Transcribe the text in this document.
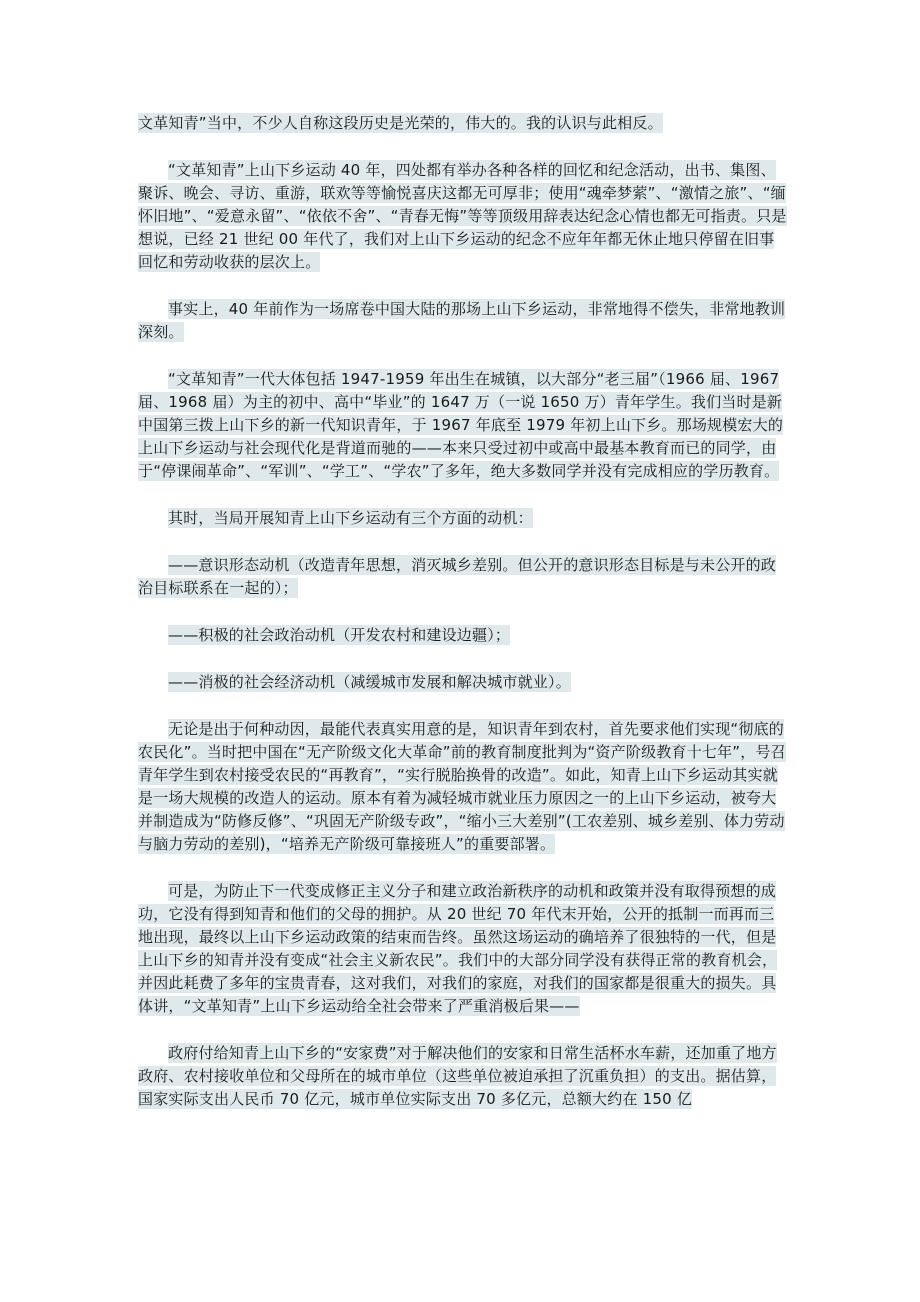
文革知青”当中，不少人自称这段历史是光荣的，伟大的。我的认识与此相反。

“文革知青”上山下乡运动 40 年，四处都有举办各种各样的回忆和纪念活动，出书、集图、聚诉、晚会、寻访、重游，联欢等等愉悦喜庆这都无可厚非；使用“魂牵梦萦”、“激情之旅”、“缅怀旧地”、“爱意永留”、“依依不舍”、“青春无悔”等等顶级用辞表达纪念心情也都无可指责。只是想说，已经 21 世纪 00 年代了，我们对上山下乡运动的纪念不应年年都无休止地只停留在旧事回忆和劳动收获的层次上。

事实上，40 年前作为一场席卷中国大陆的那场上山下乡运动，非常地得不偿失，非常地教训深刻。

“文革知青”一代大体包括 1947-1959 年出生在城镇，以大部分“老三届”（1966 届、1967 届、1968 届）为主的初中、高中“毕业”的 1647 万（一说 1650 万）青年学生。我们当时是新中国第三拨上山下乡的新一代知识青年，于 1967 年底至 1979 年初上山下乡。那场规模宏大的上山下乡运动与社会现代化是背道而驰的——本来只受过初中或高中最基本教育而已的同学，由于“停课闹革命”、“军训”、“学工”、“学农”了多年，绝大多数同学并没有完成相应的学历教育。

其时，当局开展知青上山下乡运动有三个方面的动机：

——意识形态动机（改造青年思想，消灭城乡差别。但公开的意识形态目标是与未公开的政治目标联系在一起的）；

——积极的社会政治动机（开发农村和建设边疆）；

——消极的社会经济动机（减缓城市发展和解决城市就业）。

无论是出于何种动因，最能代表真实用意的是，知识青年到农村，首先要求他们实现“彻底的农民化”。当时把中国在“无产阶级文化大革命”前的教育制度批判为“资产阶级教育十七年”，号召青年学生到农村接受农民的“再教育”，“实行脱胎换骨的改造”。如此，知青上山下乡运动其实就是一场大规模的改造人的运动。原本有着为减轻城市就业压力原因之一的上山下乡运动，被夸大并制造成为“防修反修”、“巩固无产阶级专政”，“缩小三大差别”(工农差别、城乡差别、体力劳动与脑力劳动的差别)，“培养无产阶级可靠接班人”的重要部署。

可是，为防止下一代变成修正主义分子和建立政治新秩序的动机和政策并没有取得预想的成功，它没有得到知青和他们的父母的拥护。从 20 世纪 70 年代末开始，公开的抵制一而再而三地出现，最终以上山下乡运动政策的结束而告终。虽然这场运动的确培养了很独特的一代，但是上山下乡的知青并没有变成“社会主义新农民”。我们中的大部分同学没有获得正常的教育机会，并因此耗费了多年的宝贵青春，这对我们，对我们的家庭，对我们的国家都是很重大的损失。具体讲，“文革知青”上山下乡运动给全社会带来了严重消极后果——

政府付给知青上山下乡的“安家费”对于解决他们的安家和日常生活杯水车薪，还加重了地方政府、农村接收单位和父母所在的城市单位（这些单位被迫承担了沉重负担）的支出。据估算，国家实际支出人民币 70 亿元，城市单位实际支出 70 多亿元，总额大约在 150 亿
